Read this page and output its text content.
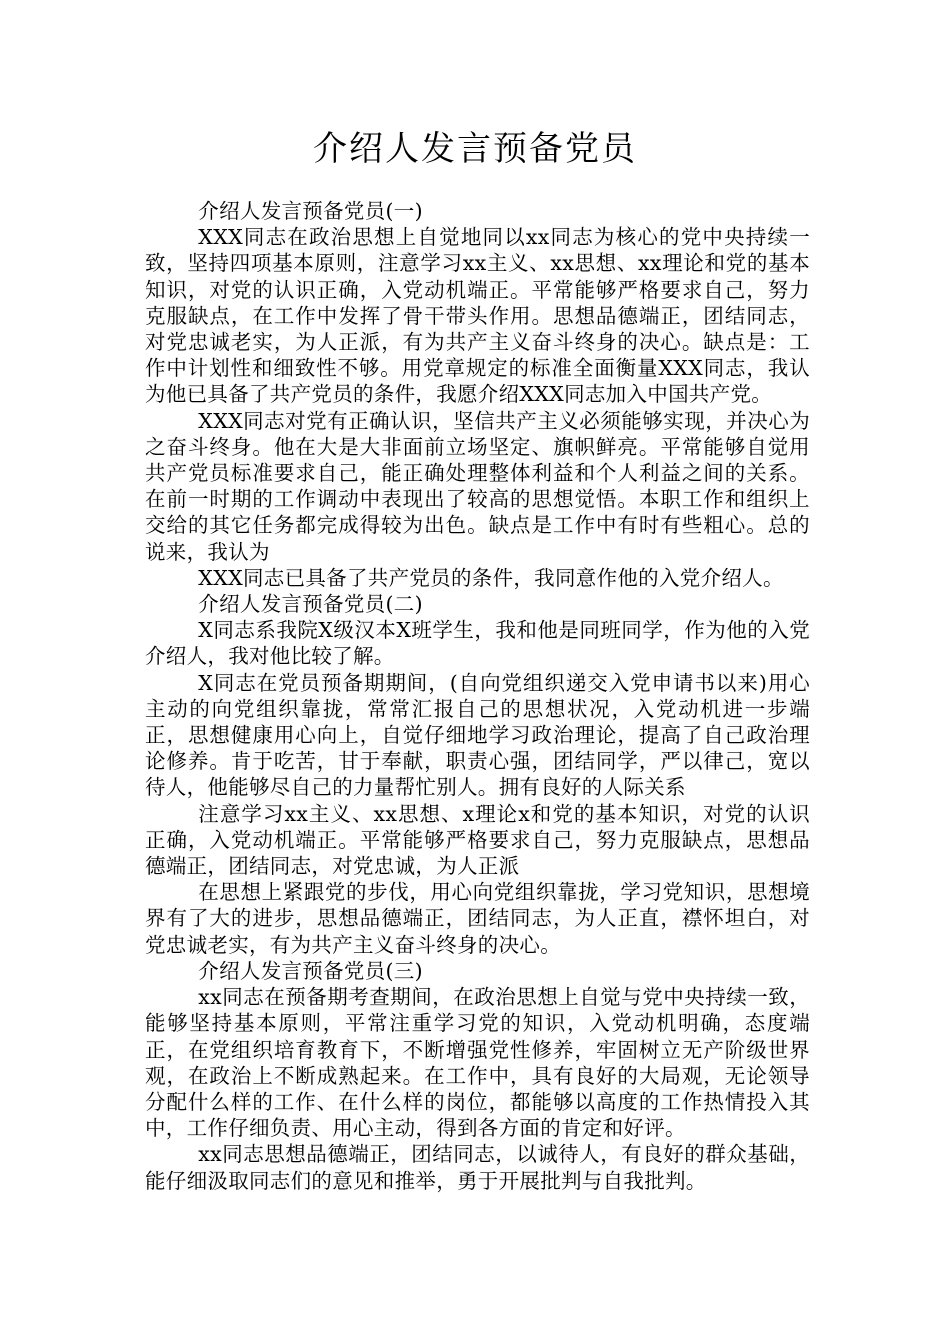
介绍人发言预备党员

介绍人发言预备党员(一)

XXX同志在政治思想上自觉地同以xx同志为核心的党中央持续一致，坚持四项基本原则，注意学习xx主义、xx思想、xx理论和党的基本知识，对党的认识正确，入党动机端正。平常能够严格要求自己，努力克服缺点，在工作中发挥了骨干带头作用。思想品德端正，团结同志，对党忠诚老实，为人正派，有为共产主义奋斗终身的决心。缺点是：工作中计划性和细致性不够。用党章规定的标准全面衡量XXX同志，我认为他已具备了共产党员的条件，我愿介绍XXX同志加入中国共产党。

XXX同志对党有正确认识，坚信共产主义必须能够实现，并决心为之奋斗终身。他在大是大非面前立场坚定、旗帜鲜亮。平常能够自觉用共产党员标准要求自己，能正确处理整体利益和个人利益之间的关系。在前一时期的工作调动中表现出了较高的思想觉悟。本职工作和组织上交给的其它任务都完成得较为出色。缺点是工作中有时有些粗心。总的说来，我认为

XXX同志已具备了共产党员的条件，我同意作他的入党介绍人。

介绍人发言预备党员(二)

X同志系我院X级汉本X班学生，我和他是同班同学，作为他的入党介绍人，我对他比较了解。

X同志在党员预备期期间，(自向党组织递交入党申请书以来)用心主动的向党组织靠拢，常常汇报自己的思想状况，入党动机进一步端正，思想健康用心向上，自觉仔细地学习政治理论，提高了自己政治理论修养。肯于吃苦，甘于奉献，职责心强，团结同学，严以律己，宽以待人，他能够尽自己的力量帮忙别人。拥有良好的人际关系

注意学习xx主义、xx思想、x理论x和党的基本知识，对党的认识正确，入党动机端正。平常能够严格要求自己，努力克服缺点，思想品德端正，团结同志，对党忠诚，为人正派

在思想上紧跟党的步伐，用心向党组织靠拢，学习党知识，思想境界有了大的进步，思想品德端正，团结同志，为人正直，襟怀坦白，对党忠诚老实，有为共产主义奋斗终身的决心。

介绍人发言预备党员(三)

xx同志在预备期考查期间，在政治思想上自觉与党中央持续一致，能够坚持基本原则，平常注重学习党的知识，入党动机明确，态度端正，在党组织培育教育下，不断增强党性修养，牢固树立无产阶级世界观，在政治上不断成熟起来。在工作中，具有良好的大局观，无论领导分配什么样的工作、在什么样的岗位，都能够以高度的工作热情投入其中，工作仔细负责、用心主动，得到各方面的肯定和好评。

xx同志思想品德端正，团结同志，以诚待人，有良好的群众基础，能仔细汲取同志们的意见和推举，勇于开展批判与自我批判。
